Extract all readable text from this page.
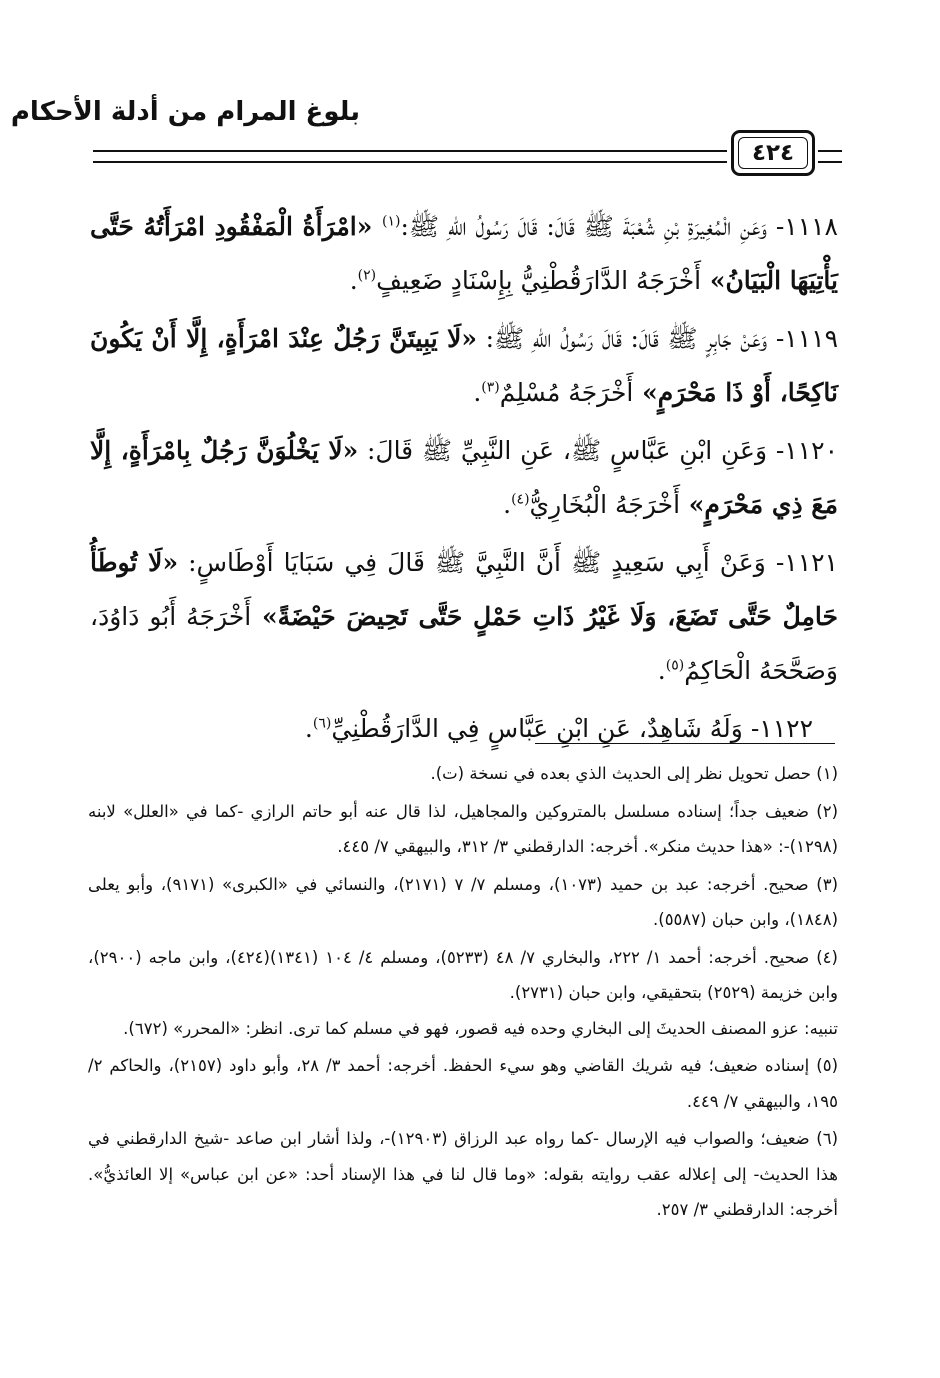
بلوغ المرام من أدلة الأحكام
٤٢٤

١١١٨- وَعَنِ الْمُغِيرَةِ بْنِ شُعْبَةَ ﷺ قَالَ: قَالَ رَسُولُ اللهِ ﷺ:$^{(١)}$ «امْرَأَةُ الْمَفْقُودِ امْرَأَتُهُ حَتَّى يَأْتِيَهَا الْبَيَانُ» أَخْرَجَهُ الدَّارَقُطْنِيُّ بِإِسْنَادٍ ضَعِيفٍ$^{(٢)}$.

١١١٩- وَعَنْ جَابِرٍ ﷺ قَالَ: قَالَ رَسُولُ اللهِ ﷺ: «لَا يَبِيتَنَّ رَجُلٌ عِنْدَ امْرَأَةٍ، إِلَّا أَنْ يَكُونَ نَاكِحًا، أَوْ ذَا مَحْرَمٍ» أَخْرَجَهُ مُسْلِمٌ$^{(٣)}$.

١١٢٠- وَعَنِ ابْنِ عَبَّاسٍ ﷺ، عَنِ النَّبِيِّ ﷺ قَالَ: «لَا يَخْلُوَنَّ رَجُلٌ بِامْرَأَةٍ، إِلَّا مَعَ ذِي مَحْرَمٍ» أَخْرَجَهُ الْبُخَارِيُّ$^{(٤)}$.

١١٢١- وَعَنْ أَبِي سَعِيدٍ ﷺ أَنَّ النَّبِيَّ ﷺ قَالَ فِي سَبَايَا أَوْطَاسٍ: «لَا تُوطَأُ حَامِلٌ حَتَّى تَضَعَ، وَلَا غَيْرُ ذَاتِ حَمْلٍ حَتَّى تَحِيضَ حَيْضَةً» أَخْرَجَهُ أَبُو دَاوُدَ، وَصَحَّحَهُ الْحَاكِمُ$^{(٥)}$.

١١٢٢- وَلَهُ شَاهِدٌ، عَنِ ابْنِ عَبَّاسٍ فِي الدَّارَقُطْنِيِّ$^{(٦)}$.

(١) حصل تحويل نظر إلى الحديث الذي بعده في نسخة (ت).

(٢) ضعيف جداً؛ إسناده مسلسل بالمتروكين والمجاهيل، لذا قال عنه أبو حاتم الرازي -كما في «العلل» لابنه (١٢٩٨)-: «هذا حديث منكر». أخرجه: الدارقطني ٣/ ٣١٢، والبيهقي ٧/ ٤٤٥.

(٣) صحيح. أخرجه: عبد بن حميد (١٠٧٣)، ومسلم ٧/ ٧ (٢١٧١)، والنسائي في «الكبرى» (٩١٧١)، وأبو يعلى (١٨٤٨)، وابن حبان (٥٥٨٧).

(٤) صحيح. أخرجه: أحمد ١/ ٢٢٢، والبخاري ٧/ ٤٨ (٥٢٣٣)، ومسلم ٤/ ١٠٤ (١٣٤١)(٤٢٤)، وابن ماجه (٢٩٠٠)، وابن خزيمة (٢٥٢٩) بتحقيقي، وابن حبان (٢٧٣١).

تنبيه: عزو المصنف الحديثَ إلى البخاري وحده فيه قصور، فهو في مسلم كما ترى. انظر: «المحرر» (٦٧٢).

(٥) إسناده ضعيف؛ فيه شريك القاضي وهو سيء الحفظ. أخرجه: أحمد ٣/ ٢٨، وأبو داود (٢١٥٧)، والحاكم ٢/ ١٩٥، والبيهقي ٧/ ٤٤٩.

(٦) ضعيف؛ والصواب فيه الإرسال -كما رواه عبد الرزاق (١٢٩٠٣)-، ولذا أشار ابن صاعد -شيخ الدارقطني في هذا الحديث- إلى إعلاله عقب روايته بقوله: «وما قال لنا في هذا الإسناد أحد: «عن ابن عباس» إلا العائذيُّ». أخرجه: الدارقطني ٣/ ٢٥٧.
